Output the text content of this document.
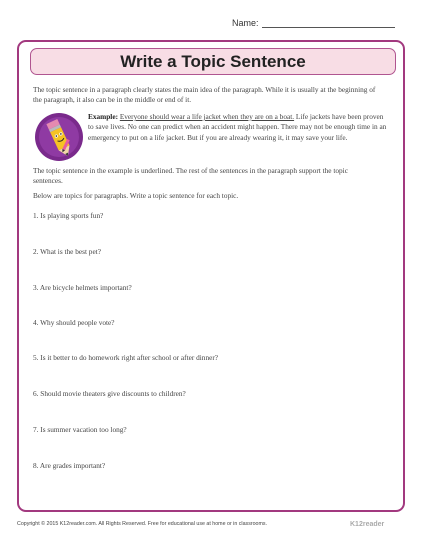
Name:
Write a Topic Sentence
The topic sentence in a paragraph clearly states the main idea of the paragraph. While it is usually at the beginning of the paragraph, it also can be in the middle or end of it.
Example: Everyone should wear a life jacket when they are on a boat. Life jackets have been proven to save lives. No one can predict when an accident might happen. There may not be enough time in an emergency to put on a life jacket. But if you are already wearing it, it may save your life.
The topic sentence in the example is underlined. The rest of the sentences in the paragraph support the topic sentences.
Below are topics for paragraphs. Write a topic sentence for each topic.
1. Is playing sports fun?
2. What is the best pet?
3. Are bicycle helmets important?
4. Why should people vote?
5. Is it better to do homework right after school or after dinner?
6. Should movie theaters give discounts to children?
7. Is summer vacation too long?
8. Are grades important?
Copyright © 2015 K12reader.com. All Rights Reserved. Free for educational use at home or in classrooms.	K12reader
